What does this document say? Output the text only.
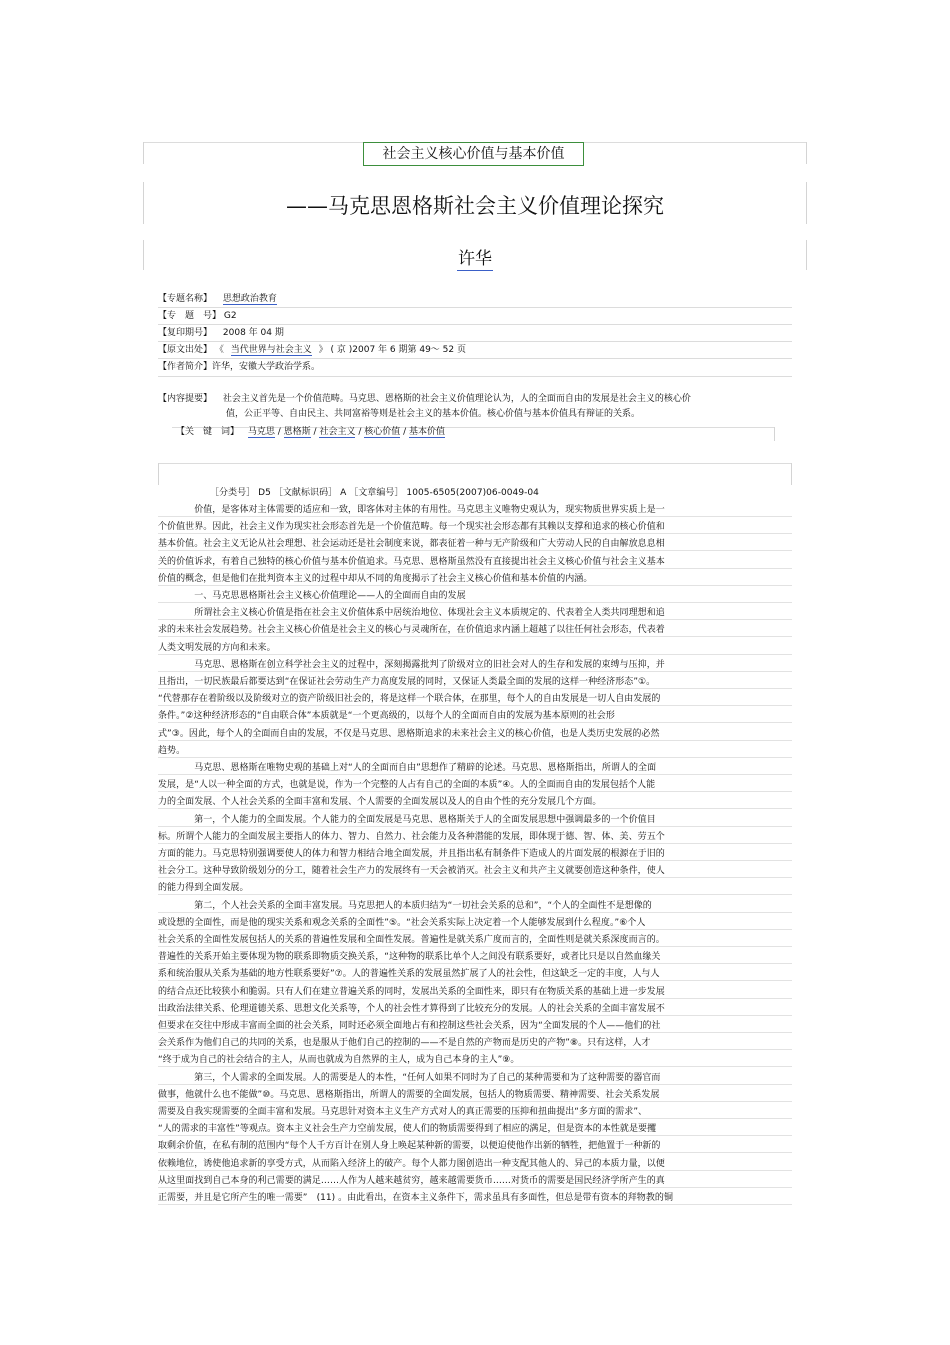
社会主义核心价值与基本价值
——马克思恩格斯社会主义价值理论探究
许华
【专题名称】 思想政治教育
【专　题　号】 G2
【复印期号】 2008 年 04 期
【原文出处】 《 当代世界与社会主义 》 ( 京 )2007 年 6 期第 49～ 52 页
【作者简介】许华，安徽大学政治学系。
【内容提要】 社会主义首先是一个价值范畴。马克思、恩格斯的社会主义价值理论认为，人的全面而自由的发展是社会主义的核心价
值，公正平等、自由民主、共同富裕等则是社会主义的基本价值。核心价值与基本价值具有辩证的关系。
【关　键　词】 马克思 / 恩格斯 / 社会主义 / 核心价值 / 基本价值
［分类号］ D5 ［文献标识码］ A ［文章编号］ 1005-6505(2007)06-0049-04
　　　　价值，是客体对主体需要的适应和一致，即客体对主体的有用性。马克思主义唯物史观认为，现实物质世界实质上是一
个价值世界。因此，社会主义作为现实社会形态首先是一个价值范畴。每一个现实社会形态都有其赖以支撑和追求的核心价值和
基本价值。社会主义无论从社会理想、社会运动还是社会制度来说，都表征着一种与无产阶级和广大劳动人民的自由解放息息相
关的价值诉求，有着自己独特的核心价值与基本价值追求。马克思、恩格斯虽然没有直接提出社会主义核心价值与社会主义基本
价值的概念，但是他们在批判资本主义的过程中却从不同的角度揭示了社会主义核心价值和基本价值的内涵。
　　　　一、马克思恩格斯社会主义核心价值理论——人的全面而自由的发展
　　　　所谓社会主义核心价值是指在社会主义价值体系中居统治地位、体现社会主义本质规定的、代表着全人类共同理想和追
求的未来社会发展趋势。社会主义核心价值是社会主义的核心与灵魂所在，在价值追求内涵上超越了以往任何社会形态，代表着
人类文明发展的方向和未来。
　　　　马克思、恩格斯在创立科学社会主义的过程中，深刻揭露批判了阶级对立的旧社会对人的生存和发展的束缚与压抑，并
且指出，一切民族最后都要达到“在保证社会劳动生产力高度发展的同时，又保证人类最全面的发展的这样一种经济形态”①。
“代替那存在着阶级以及阶级对立的资产阶级旧社会的，将是这样一个联合体，在那里，每个人的自由发展是一切人自由发展的
条件。”②这种经济形态的“自由联合体”本质就是“一个更高级的，以每个人的全面而自由的发展为基本原则的社会形
式”③。因此，每个人的全面而自由的发展，不仅是马克思、恩格斯追求的未来社会主义的核心价值，也是人类历史发展的必然
趋势。
　　　　马克思、恩格斯在唯物史观的基础上对“人的全面而自由”思想作了精辟的论述。马克思、恩格斯指出，所谓人的全面
发展，是“人以一种全面的方式，也就是说，作为一个完整的人占有自己的全面的本质”④。人的全面而自由的发展包括个人能
力的全面发展、个人社会关系的全面丰富和发展、个人需要的全面发展以及人的自由个性的充分发展几个方面。
　　　　第一，个人能力的全面发展。个人能力的全面发展是马克思、恩格斯关于人的全面发展思想中强调最多的一个价值目
标。所谓个人能力的全面发展主要指人的体力、智力、自然力、社会能力及各种潜能的发展，即体现于德、智、体、美、劳五个
方面的能力。马克思特别强调要使人的体力和智力相结合地全面发展，并且指出私有制条件下造成人的片面发展的根源在于旧的
社会分工。这种导致阶级划分的分工，随着社会生产力的发展终有一天会被消灭。社会主义和共产主义就要创造这种条件，使人
的能力得到全面发展。
　　　　第二，个人社会关系的全面丰富发展。马克思把人的本质归结为“一切社会关系的总和”，“个人的全面性不是想像的
或设想的全面性，而是他的现实关系和观念关系的全面性”⑤。“社会关系实际上决定着一个人能够发展到什么程度。”⑥个人
社会关系的全面性发展包括人的关系的普遍性发展和全面性发展。普遍性是就关系广度而言的，全面性则是就关系深度而言的。
普遍性的关系开始主要体现为物的联系即物质交换关系，“这种物的联系比单个人之间没有联系要好，或者比只是以自然血缘关
系和统治服从关系为基础的地方性联系要好”⑦。人的普遍性关系的发展虽然扩展了人的社会性，但这缺乏一定的丰度，人与人
的结合点还比较狭小和脆弱。只有人们在建立普遍关系的同时，发展出关系的全面性来，即只有在物质关系的基础上进一步发展
出政治法律关系、伦理道德关系、思想文化关系等，个人的社会性才算得到了比较充分的发展。人的社会关系的全面丰富发展不
但要求在交往中形成丰富而全面的社会关系，同时还必须全面地占有和控制这些社会关系，因为“全面发展的个人——他们的社
会关系作为他们自己的共同的关系，也是服从于他们自己的控制的——不是自然的产物而是历史的产物”⑧。只有这样，人才
“终于成为自己的社会结合的主人，从而也就成为自然界的主人，成为自己本身的主人”⑨。
　　　　第三，个人需求的全面发展。人的需要是人的本性，“任何人如果不同时为了自己的某种需要和为了这种需要的器官而
做事，他就什么也不能做”⑩。马克思、恩格斯指出，所谓人的需要的全面发展，包括人的物质需要、精神需要、社会关系发展
需要及自我实现需要的全面丰富和发展。马克思针对资本主义生产方式对人的真正需要的压抑和扭曲提出“多方面的需求”、
“人的需求的丰富性”等观点。资本主义社会生产力空前发展，使人们的物质需要得到了相应的满足，但是资本的本性就是要攫
取剩余价值，在私有制的范围内“每个人千方百计在别人身上唤起某种新的需要，以便迫使他作出新的牺牲，把他置于一种新的
依赖地位，诱使他追求新的享受方式，从而陷入经济上的破产。每个人都力图创造出一种支配其他人的、异己的本质力量，以便
从这里面找到自己本身的利己需要的满足……人作为人越来越贫穷，越来越需要货币……对货币的需要是国民经济学所产生的真
正需要，并且是它所产生的唯一需要”　(11) 。由此看出，在资本主义条件下，需求虽具有多面性，但总是带有资本的拜物教的铜
